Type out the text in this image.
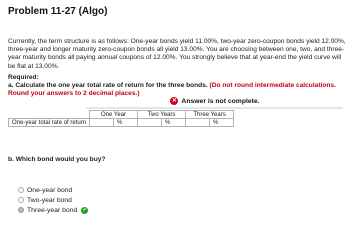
Problem 11-27 (Algo)
Currently, the term structure is as follows: One-year bonds yield 11.00%, two-year zero-coupon bonds yield 12.00%, three-year and longer maturity zero-coupon bonds all yield 13.00%. You are choosing between one, two, and three-year maturity bonds all paying annual coupons of 12.00%. You strongly believe that at year-end the yield curve will be flat at 13.00%.
Required:
a. Calculate the one year total rate of return for the three bonds. (Do not round intermediate calculations. Round your answers to 2 decimal places.)
✕ Answer is not complete.
	One Year		Two Years		Three Years	
One-year total rate of return		%		%		%
b. Which bond would you buy?
One-year bond
Two-year bond
Three-year bond ✔
